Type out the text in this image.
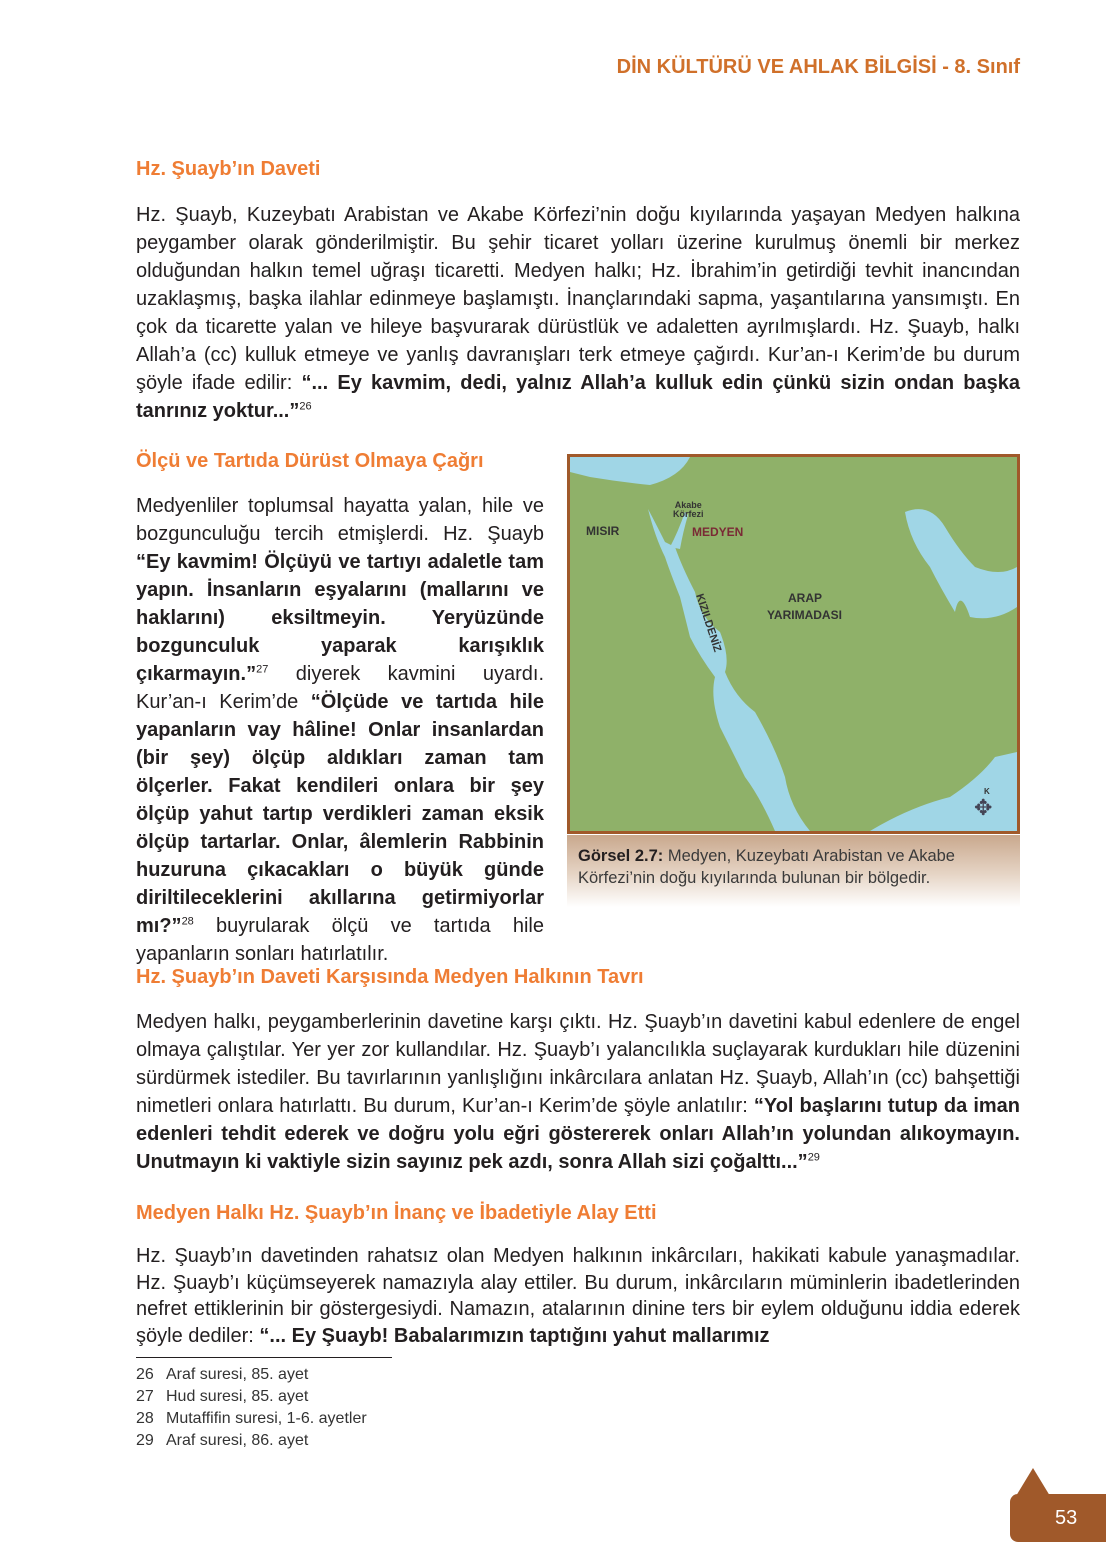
DİN KÜLTÜRÜ VE AHLAK BİLGİSİ - 8. Sınıf
Hz. Şuayb’ın Daveti

Hz. Şuayb, Kuzeybatı Arabistan ve Akabe Körfezi’nin doğu kıyılarında yaşayan Medyen halkına peygamber olarak gönderilmiştir. Bu şehir ticaret yolları üzerine kurulmuş önemli bir merkez olduğundan halkın temel uğraşı ticaretti. Medyen halkı; Hz. İbrahim’in getirdiği tevhit inancından uzaklaşmış, başka ilahlar edinmeye başlamıştı. İnançlarındaki sapma, yaşantılarına yansımıştı. En çok da ticarette yalan ve hileye başvurarak dürüstlük ve adaletten ayrılmışlardı. Hz. Şuayb, halkı Allah’a (cc) kulluk etmeye ve yanlış davranışları terk etmeye çağırdı. Kur’an-ı Kerim’de bu durum şöyle ifade edilir: “... Ey kavmim, dedi, yalnız Allah’a kulluk edin çünkü sizin ondan başka tanrınız yoktur...”$^{26}$

Ölçü ve Tartıda Dürüst Olmaya Çağrı

Medyenliler toplumsal hayatta yalan, hile ve bozgunculuğu tercih etmişlerdi. Hz. Şuayb “Ey kavmim! Ölçüyü ve tartıyı adaletle tam yapın. İnsanların eşyalarını (mallarını ve haklarını) eksiltmeyin. Yeryüzünde bozgunculuk yaparak karışıklık çıkarmayın.”$^{27}$ diyerek kavmini uyardı. Kur’an-ı Kerim’de “Ölçüde ve tartıda hile yapanların vay hâline! Onlar insanlardan (bir şey) ölçüp aldıkları zaman tam ölçerler. Fakat kendileri onlara bir şey ölçüp yahut tartıp verdikleri zaman eksik ölçüp tartarlar. Onlar, âlemlerin Rabbinin huzuruna çıkacakları o büyük günde diriltileceklerini akıllarına getirmiyorlar mı?”$^{28}$ buyrularak ölçü ve tartıda hile yapanların sonları hatırlatılır.

Akabe
Körfezi
MISIR	MEDYEN
KIZILDENİZ	ARAP
YARIMADASI
K
✥
Görsel 2.7: Medyen, Kuzeybatı Arabistan ve Akabe Körfezi’nin doğu kıyılarında bulunan bir bölgedir.
Hz. Şuayb’ın Daveti Karşısında Medyen Halkının Tavrı

Medyen halkı, peygamberlerinin davetine karşı çıktı. Hz. Şuayb’ın davetini kabul edenlere de engel olmaya çalıştılar. Yer yer zor kullandılar. Hz. Şuayb’ı yalancılıkla suçlayarak kurdukları hile düzenini sürdürmek istediler. Bu tavırlarının yanlışlığını inkârcılara anlatan Hz. Şuayb, Allah’ın (cc) bahşettiği nimetleri onlara hatırlattı. Bu durum, Kur’an-ı Kerim’de şöyle anlatılır: “Yol başlarını tutup da iman edenleri tehdit ederek ve doğru yolu eğri göstererek onları Allah’ın yolundan alıkoymayın. Unutmayın ki vaktiyle sizin sayınız pek azdı, sonra Allah sizi çoğalttı...”$^{29}$

Medyen Halkı Hz. Şuayb’ın İnanç ve İbadetiyle Alay Etti

Hz. Şuayb’ın davetinden rahatsız olan Medyen halkının inkârcıları, hakikati kabule yanaşmadılar. Hz. Şuayb’ı küçümseyerek namazıyla alay ettiler. Bu durum, inkârcıların müminlerin ibadetlerinden nefret ettiklerinin bir göstergesiydi. Namazın, atalarının dinine ters bir eylem olduğunu iddia ederek şöyle dediler: “... Ey Şuayb! Babalarımızın taptığını yahut mallarımız

26 Araf suresi, 85. ayet
27 Hud suresi, 85. ayet
28 Mutaffifin suresi, 1-6. ayetler
29 Araf suresi, 86. ayet
53
